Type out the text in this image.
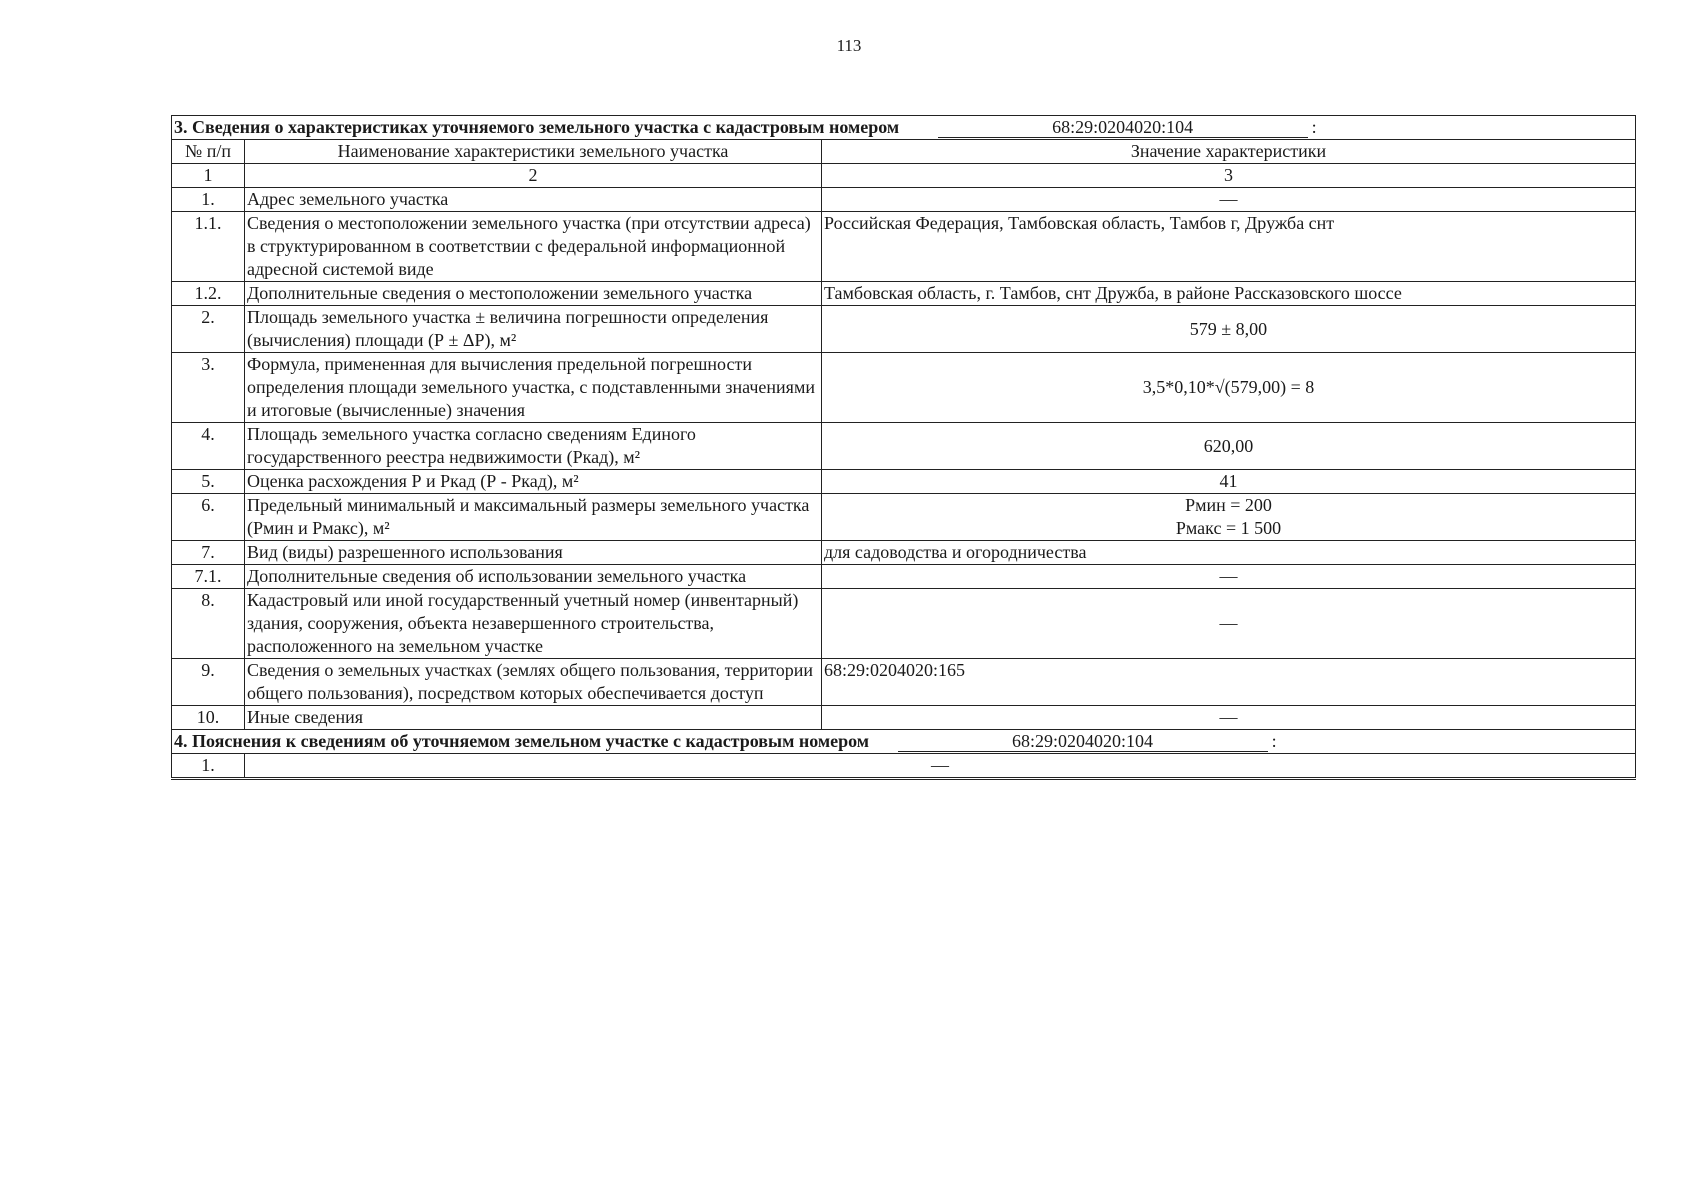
113
3. Сведения о характеристиках уточняемого земельного участка с кадастровым номером 68:29:0204020:104 :		
№ п/п	Наименование характеристики земельного участка	Значение характеристики
1	2	3
1.	Адрес земельного участка	—
1.1.	Сведения о местоположении земельного участка (при отсутствии адреса) в структурированном в соответствии с федеральной информационной адресной системой виде	Российская Федерация, Тамбовская область, Тамбов г, Дружба снт
1.2.	Дополнительные сведения о местоположении земельного участка	Тамбовская область, г. Тамбов, снт Дружба, в районе Рассказовского шоссе
2.	Площадь земельного участка ± величина погрешности определения (вычисления) площади (Р ± ΔР), м²	579 ± 8,00
3.	Формула, примененная для вычисления предельной погрешности определения площади земельного участка, с подставленными значениями и итоговые (вычисленные) значения	3,5*0,10*√(579,00) = 8
4.	Площадь земельного участка согласно сведениям Единого государственного реестра недвижимости (Ркад), м²	620,00
5.	Оценка расхождения Р и Ркад (Р - Ркад), м²	41
6.	Предельный минимальный и максимальный размеры земельного участка (Рмин и Рмакс), м²	Рмин = 200
Рмакс = 1 500

7.	Вид (виды) разрешенного использования	для садоводства и огородничества
7.1.	Дополнительные сведения об использовании земельного участка	—
8.	Кадастровый или иной государственный учетный номер (инвентарный) здания, сооружения, объекта незавершенного строительства, расположенного на земельном участке	—
9.	Сведения о земельных участках (землях общего пользования, территории общего пользования), посредством которых обеспечивается доступ	68:29:0204020:165
10.	Иные сведения	—
4. Пояснения к сведениям об уточняемом земельном участке с кадастровым номером 68:29:0204020:104 :		
1.	—	
